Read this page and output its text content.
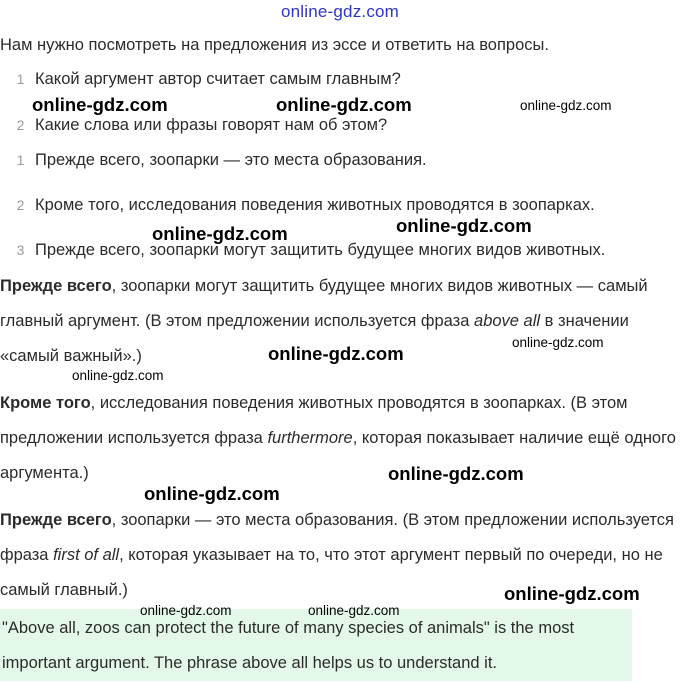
online-gdz.com
Нам нужно посмотреть на предложения из эссе и ответить на вопросы.
1 Какой аргумент автор считает самым главным?
2 Какие слова или фразы говорят нам об этом?
1 Прежде всего, зоопарки — это места образования.
2 Кроме того, исследования поведения животных проводятся в зоопарках.
3 Прежде всего, зоопарки могут защитить будущее многих видов животных.
Прежде всего, зоопарки могут защитить будущее многих видов животных — самый главный аргумент. (В этом предложении используется фраза above all в значении «самый важный».)
Кроме того, исследования поведения животных проводятся в зоопарках. (В этом предложении используется фраза furthermore, которая показывает наличие ещё одного аргумента.)
Прежде всего, зоопарки — это места образования. (В этом предложении используется фраза first of all, которая указывает на то, что этот аргумент первый по очереди, но не самый главный.)
"Above all, zoos can protect the future of many species of animals" is the most important argument. The phrase above all helps us to understand it.
online-gdz.com	online-gdz.com	online-gdz.com
online-gdz.com
online-gdz.com
online-gdz.com
online-gdz.com
online-gdz.com
online-gdz.com
online-gdz.com
online-gdz.com
online-gdz.com	online-gdz.com
